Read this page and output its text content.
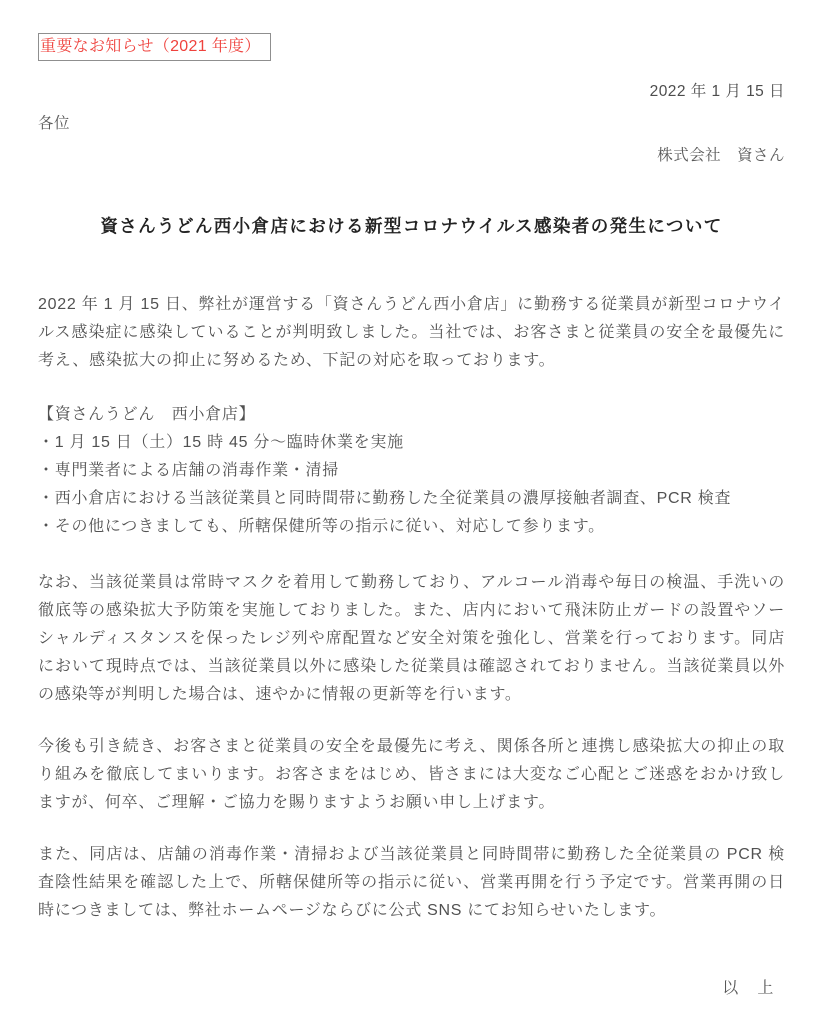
重要なお知らせ（2021 年度）
2022 年 1 月 15 日
各位
株式会社　資さん
資さんうどん西小倉店における新型コロナウイルス感染者の発生について

2022 年 1 月 15 日、弊社が運営する「資さんうどん西小倉店」に勤務する従業員が新型コロナウイルス感染症に感染していることが判明致しました。当社では、お客さまと従業員の安全を最優先に考え、感染拡大の抑止に努めるため、下記の対応を取っております。

【資さんうどん　西小倉店】
・1 月 15 日（土）15 時 45 分〜臨時休業を実施
・専門業者による店舗の消毒作業・清掃
・西小倉店における当該従業員と同時間帯に勤務した全従業員の濃厚接触者調査、PCR 検査
・その他につきましても、所轄保健所等の指示に従い、対応して参ります。

なお、当該従業員は常時マスクを着用して勤務しており、アルコール消毒や毎日の検温、手洗いの徹底等の感染拡大予防策を実施しておりました。また、店内において飛沫防止ガードの設置やソーシャルディスタンスを保ったレジ列や席配置など安全対策を強化し、営業を行っております。同店において現時点では、当該従業員以外に感染した従業員は確認されておりません。当該従業員以外の感染等が判明した場合は、速やかに情報の更新等を行います。

今後も引き続き、お客さまと従業員の安全を最優先に考え、関係各所と連携し感染拡大の抑止の取り組みを徹底してまいります。お客さまをはじめ、皆さまには大変なご心配とご迷惑をおかけ致しますが、何卒、ご理解・ご協力を賜りますようお願い申し上げます。

また、同店は、店舗の消毒作業・清掃および当該従業員と同時間帯に勤務した全従業員の PCR 検査陰性結果を確認した上で、所轄保健所等の指示に従い、営業再開を行う予定です。営業再開の日時につきましては、弊社ホームページならびに公式 SNS にてお知らせいたします。

以　上
